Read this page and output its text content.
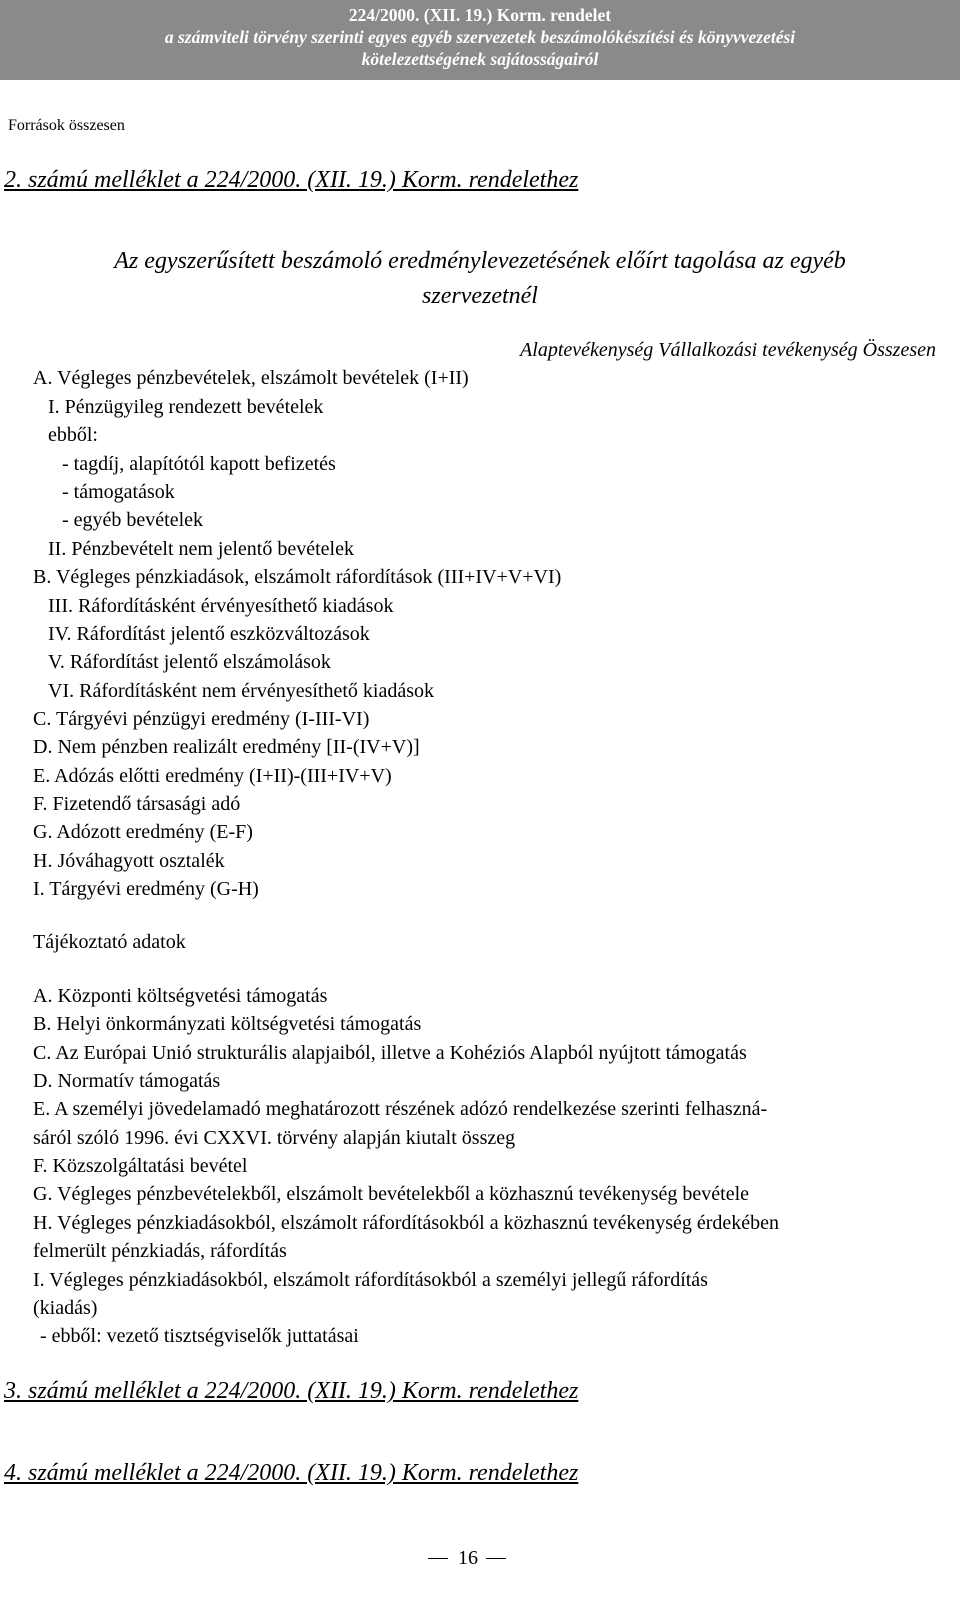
224/2000. (XII. 19.) Korm. rendelet
a számviteli törvény szerinti egyes egyéb szervezetek beszámolókészítési és könyvvezetési
kötelezettségének sajátosságairól
Források összesen
2. számú melléklet a 224/2000. (XII. 19.) Korm. rendelethez
Az egyszerűsített beszámoló eredménylevezetésének előírt tagolása az egyéb
szervezetnél
Alaptevékenység Vállalkozási tevékenység Összesen
A. Végleges pénzbevételek, elszámolt bevételek (I+II)
I. Pénzügyileg rendezett bevételek
ebből:
- tagdíj, alapítótól kapott befizetés
- támogatások
- egyéb bevételek
II. Pénzbevételt nem jelentő bevételek
B. Végleges pénzkiadások, elszámolt ráfordítások (III+IV+V+VI)
III. Ráfordításként érvényesíthető kiadások
IV. Ráfordítást jelentő eszközváltozások
V. Ráfordítást jelentő elszámolások
VI. Ráfordításként nem érvényesíthető kiadások
C. Tárgyévi pénzügyi eredmény (I-III-VI)
D. Nem pénzben realizált eredmény [II-(IV+V)]
E. Adózás előtti eredmény (I+II)-(III+IV+V)
F. Fizetendő társasági adó
G. Adózott eredmény (E-F)
H. Jóváhagyott osztalék
I. Tárgyévi eredmény (G-H)
Tájékoztató adatok
A. Központi költségvetési támogatás
B. Helyi önkormányzati költségvetési támogatás
C. Az Európai Unió strukturális alapjaiból, illetve a Kohéziós Alapból nyújtott támogatás
D. Normatív támogatás
E. A személyi jövedelamadó meghatározott részének adózó rendelkezése szerinti felhaszná-
sáról szóló 1996. évi CXXVI. törvény alapján kiutalt összeg
F. Közszolgáltatási bevétel
G. Végleges pénzbevételekből, elszámolt bevételekből a közhasznú tevékenység bevétele
H. Végleges pénzkiadásokból, elszámolt ráfordításokból a közhasznú tevékenység érdekében
felmerült pénzkiadás, ráfordítás
I. Végleges pénzkiadásokból, elszámolt ráfordításokból a személyi jellegű ráfordítás
(kiadás)
- ebből: vezető tisztségviselők juttatásai
3. számú melléklet a 224/2000. (XII. 19.) Korm. rendelethez
4. számú melléklet a 224/2000. (XII. 19.) Korm. rendelethez
16
